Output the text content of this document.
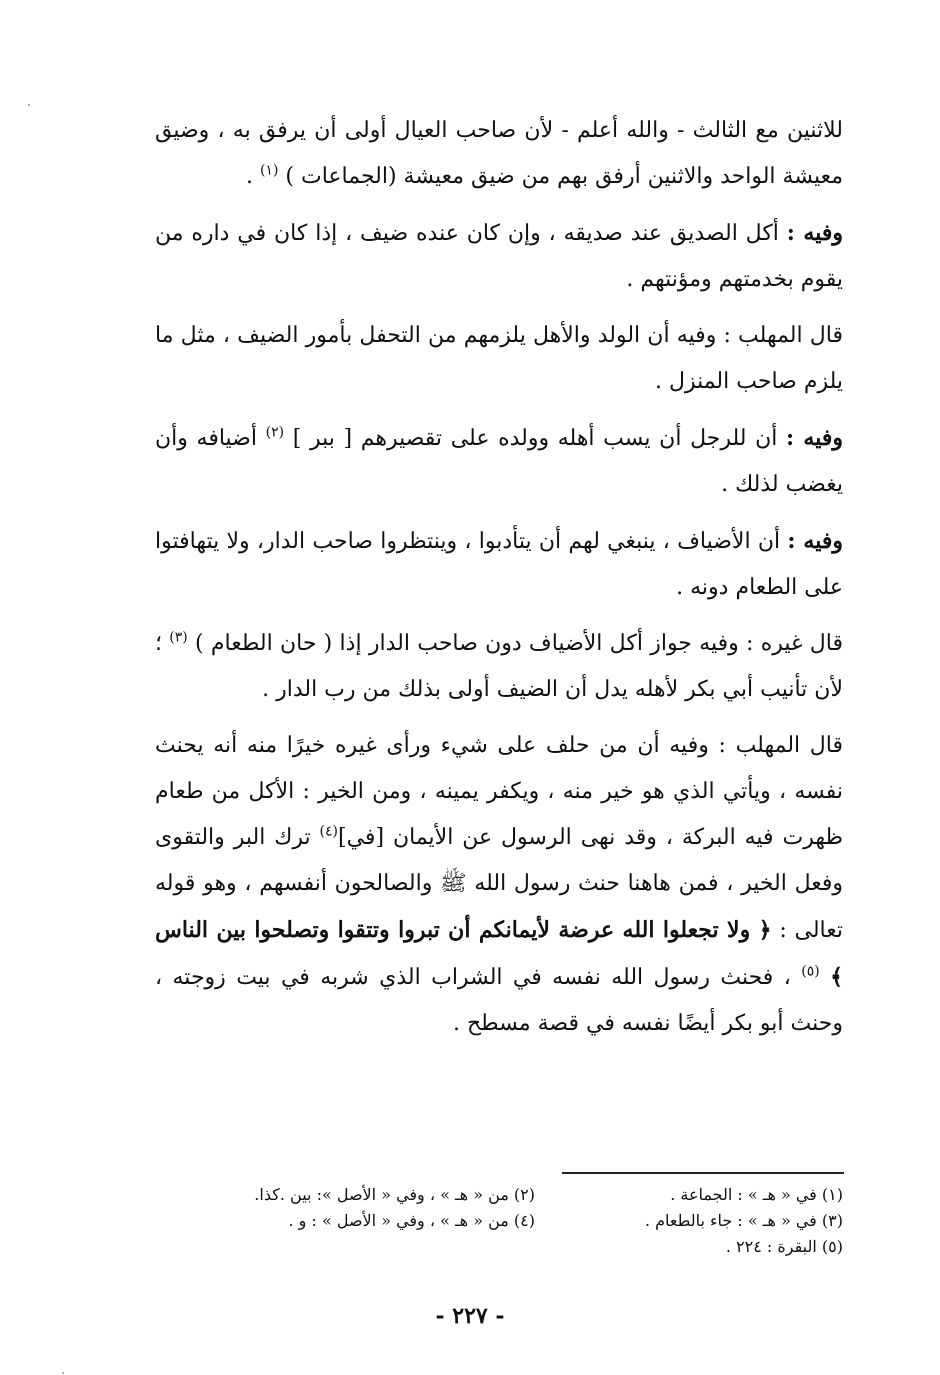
للاثنين مع الثالث - والله أعلم - لأن صاحب العيال أولى أن يرفق به ، وضيق معيشة الواحد والاثنين أرفق بهم من ضيق معيشة (الجماعات ) $^{(١)}$ .

وفيه : أكل الصديق عند صديقه ، وإن كان عنده ضيف ، إذا كان في داره من يقوم بخدمتهم ومؤنتهم .

قال المهلب : وفيه أن الولد والأهل يلزمهم من التحفل بأمور الضيف ، مثل ما يلزم صاحب المنزل .

وفيه : أن للرجل أن يسب أهله وولده على تقصيرهم [ ببر ] $^{(٢)}$ أضيافه وأن يغضب لذلك .

وفيه : أن الأضياف ، ينبغي لهم أن يتأدبوا ، وينتظروا صاحب الدار، ولا يتهافتوا على الطعام دونه .

قال غيره : وفيه جواز أكل الأضياف دون صاحب الدار إذا ( حان الطعام ) $^{(٣)}$ ؛ لأن تأنيب أبي بكر لأهله يدل أن الضيف أولى بذلك من رب الدار .

قال المهلب : وفيه أن من حلف على شيء ورأى غيره خيرًا منه أنه يحنث نفسه ، ويأتي الذي هو خير منه ، ويكفر يمينه ، ومن الخير : الأكل من طعام ظهرت فيه البركة ، وقد نهى الرسول عن الأيمان [في]$^{(٤)}$ ترك البر والتقوى وفعل الخير ، فمن هاهنا حنث رسول الله ﷺ والصالحون أنفسهم ، وهو قوله تعالى : ﴿ ولا تجعلوا الله عرضة لأيمانكم أن تبروا وتتقوا وتصلحوا بين الناس ﴾ $^{(٥)}$ ، فحنث رسول الله نفسه في الشراب الذي شربه في بيت زوجته ، وحنث أبو بكر أيضًا نفسه في قصة مسطح .

(١) في « هـ » : الجماعة .
(٢) من « هـ » ، وفي « الأصل »: بين .كذا.
(٣) في « هـ » : جاء بالطعام .
(٤) من « هـ » ، وفي « الأصل » : و .
(٥) البقرة : ٢٢٤ .
- ٢٢٧ -
